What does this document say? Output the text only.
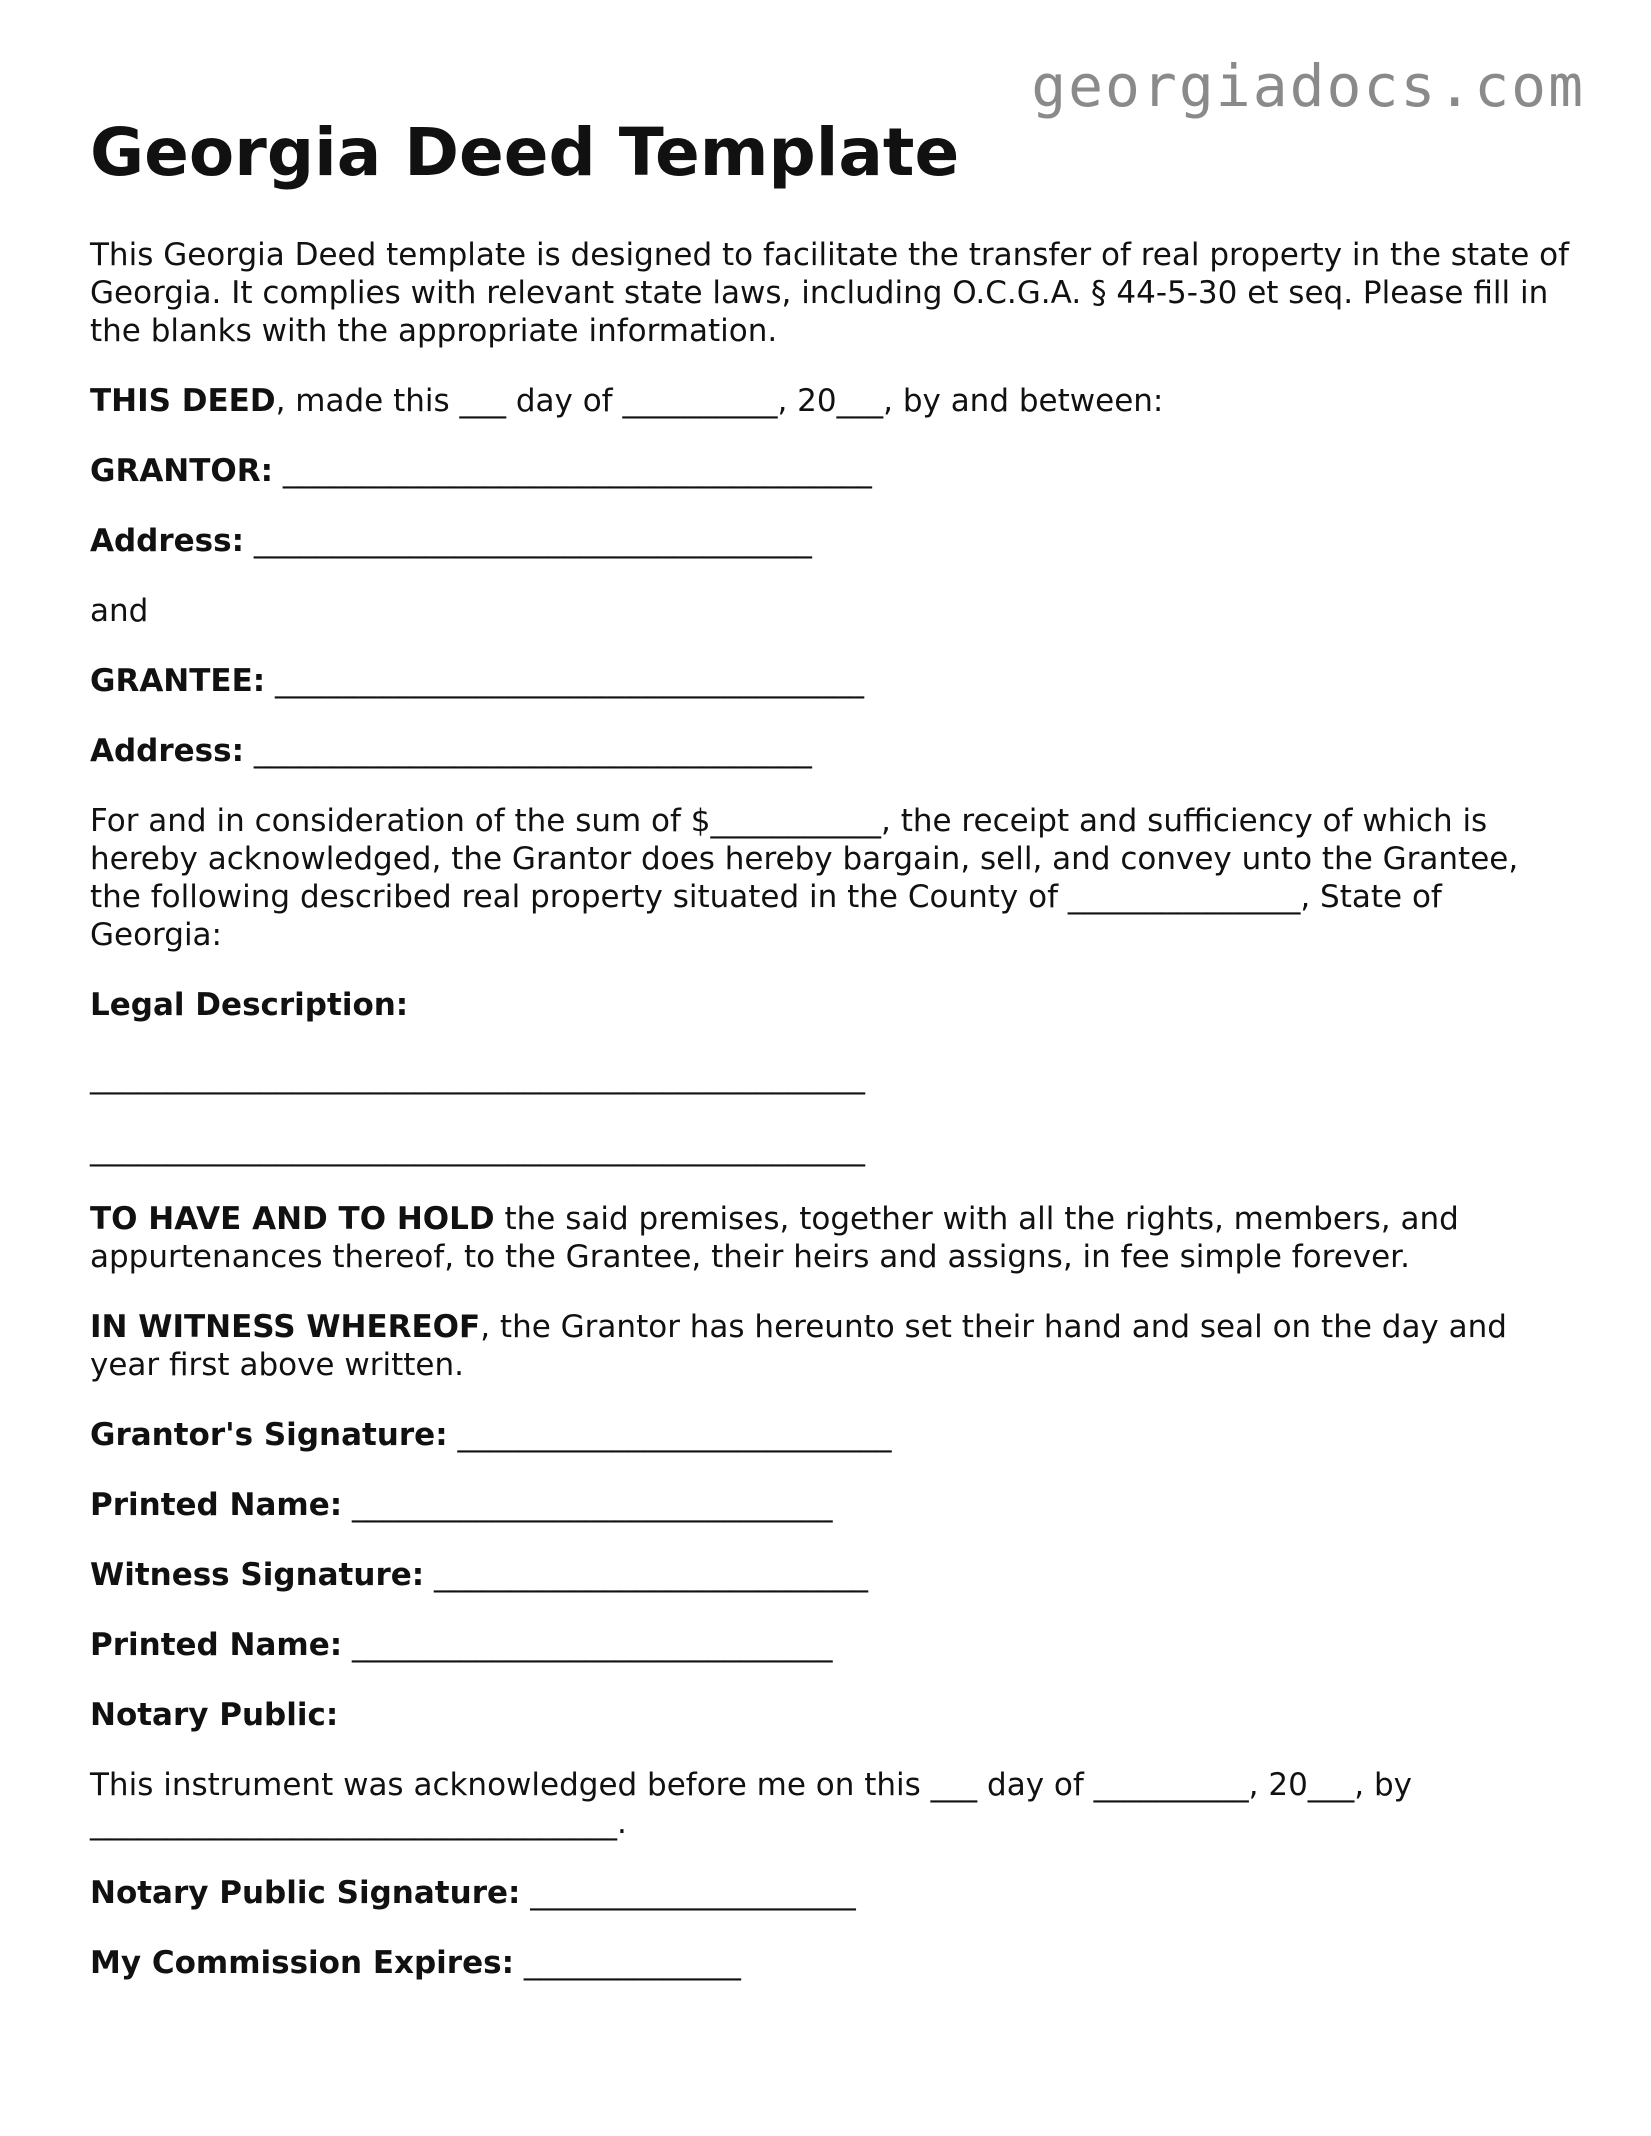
georgiadocs.com
Georgia Deed Template

This Georgia Deed template is designed to facilitate the transfer of real property in the state of Georgia. It complies with relevant state laws, including O.C.G.A. § 44-5-30 et seq. Please fill in the blanks with the appropriate information.

THIS DEED, made this ___ day of __________, 20___, by and between:

GRANTOR: ______________________________________

Address: ____________________________________

and

GRANTEE: ______________________________________

Address: ____________________________________

For and in consideration of the sum of $___________, the receipt and sufficiency of which is hereby acknowledged, the Grantor does hereby bargain, sell, and convey unto the Grantee, the following described real property situated in the County of _______________, State of Georgia:

Legal Description:

__________________________________________________

__________________________________________________

TO HAVE AND TO HOLD the said premises, together with all the rights, members, and appurtenances thereof, to the Grantee, their heirs and assigns, in fee simple forever.

IN WITNESS WHEREOF, the Grantor has hereunto set their hand and seal on the day and year first above written.

Grantor's Signature: ____________________________

Printed Name: _______________________________

Witness Signature: ____________________________

Printed Name: _______________________________

Notary Public:

This instrument was acknowledged before me on this ___ day of __________, 20___, by __________________________________.

Notary Public Signature: _____________________

My Commission Expires: ______________
